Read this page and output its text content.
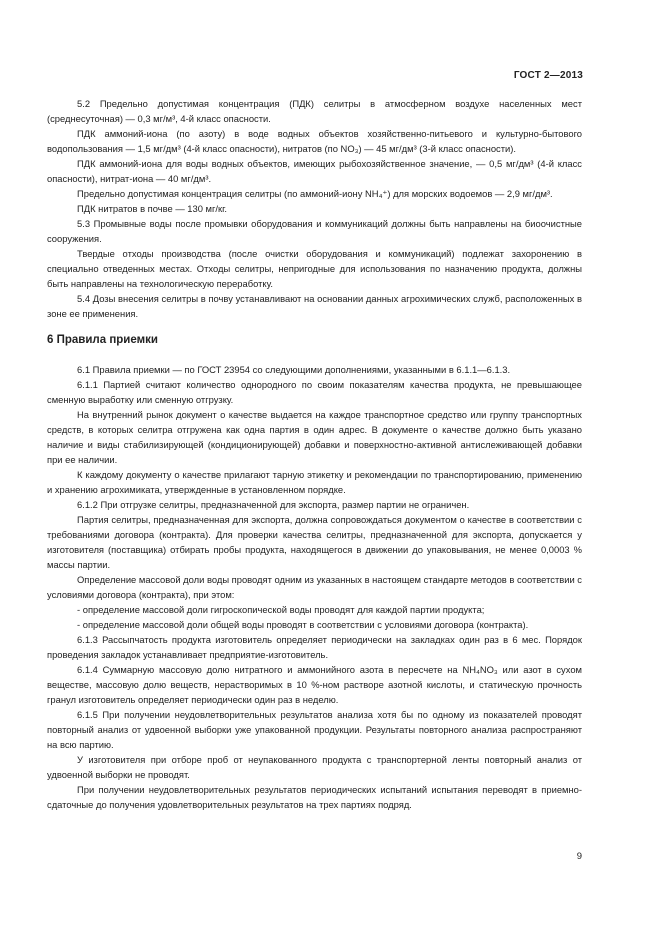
ГОСТ 2—2013

5.2 Предельно допустимая концентрация (ПДК) селитры в атмосферном воздухе населенных мест (среднесуточная) — 0,3 мг/м³, 4-й класс опасности.

ПДК аммоний-иона (по азоту) в воде водных объектов хозяйственно-питьевого и культурно-бытового водопользования — 1,5 мг/дм³ (4-й класс опасности), нитратов (по NO₃) — 45 мг/дм³ (3-й класс опасности).

ПДК аммоний-иона для воды водных объектов, имеющих рыбохозяйственное значение, — 0,5 мг/дм³ (4-й класс опасности), нитрат-иона — 40 мг/дм³.

Предельно допустимая концентрация селитры (по аммоний-иону NH₄⁺) для морских водоемов — 2,9 мг/дм³.

ПДК нитратов в почве — 130 мг/кг.

5.3 Промывные воды после промывки оборудования и коммуникаций должны быть направлены на биоочистные сооружения.

Твердые отходы производства (после очистки оборудования и коммуникаций) подлежат захоронению в специально отведенных местах. Отходы селитры, непригодные для использования по назначению продукта, должны быть направлены на технологическую переработку.

5.4 Дозы внесения селитры в почву устанавливают на основании данных агрохимических служб, расположенных в зоне ее применения.

6 Правила приемки

6.1 Правила приемки — по ГОСТ 23954 со следующими дополнениями, указанными в 6.1.1—6.1.3.

6.1.1 Партией считают количество однородного по своим показателям качества продукта, не превышающее сменную выработку или сменную отгрузку.

На внутренний рынок документ о качестве выдается на каждое транспортное средство или группу транспортных средств, в которых селитра отгружена как одна партия в один адрес. В документе о качестве должно быть указано наличие и виды стабилизирующей (кондиционирующей) добавки и поверхностно-активной антислеживающей добавки при ее наличии.

К каждому документу о качестве прилагают тарную этикетку и рекомендации по транспортированию, применению и хранению агрохимиката, утвержденные в установленном порядке.

6.1.2 При отгрузке селитры, предназначенной для экспорта, размер партии не ограничен.

Партия селитры, предназначенная для экспорта, должна сопровождаться документом о качестве в соответствии с требованиями договора (контракта). Для проверки качества селитры, предназначенной для экспорта, допускается у изготовителя (поставщика) отбирать пробы продукта, находящегося в движении до упаковывания, не менее 0,0003 % массы партии.

Определение массовой доли воды проводят одним из указанных в настоящем стандарте методов в соответствии с условиями договора (контракта), при этом:

- определение массовой доли гигроскопической воды проводят для каждой партии продукта;

- определение массовой доли общей воды проводят в соответствии с условиями договора (контракта).

6.1.3 Рассыпчатость продукта изготовитель определяет периодически на закладках один раз в 6 мес. Порядок проведения закладок устанавливает предприятие-изготовитель.

6.1.4 Суммарную массовую долю нитратного и аммонийного азота в пересчете на NH₄NO₃ или азот в сухом веществе, массовую долю веществ, нерастворимых в 10 %-ном растворе азотной кислоты, и статическую прочность гранул изготовитель определяет периодически один раз в неделю.

6.1.5 При получении неудовлетворительных результатов анализа хотя бы по одному из показателей проводят повторный анализ от удвоенной выборки уже упакованной продукции. Результаты повторного анализа распространяют на всю партию.

У изготовителя при отборе проб от неупакованного продукта с транспортерной ленты повторный анализ от удвоенной выборки не проводят.

При получении неудовлетворительных результатов периодических испытаний испытания переводят в приемно-сдаточные до получения удовлетворительных результатов на трех партиях подряд.

9
